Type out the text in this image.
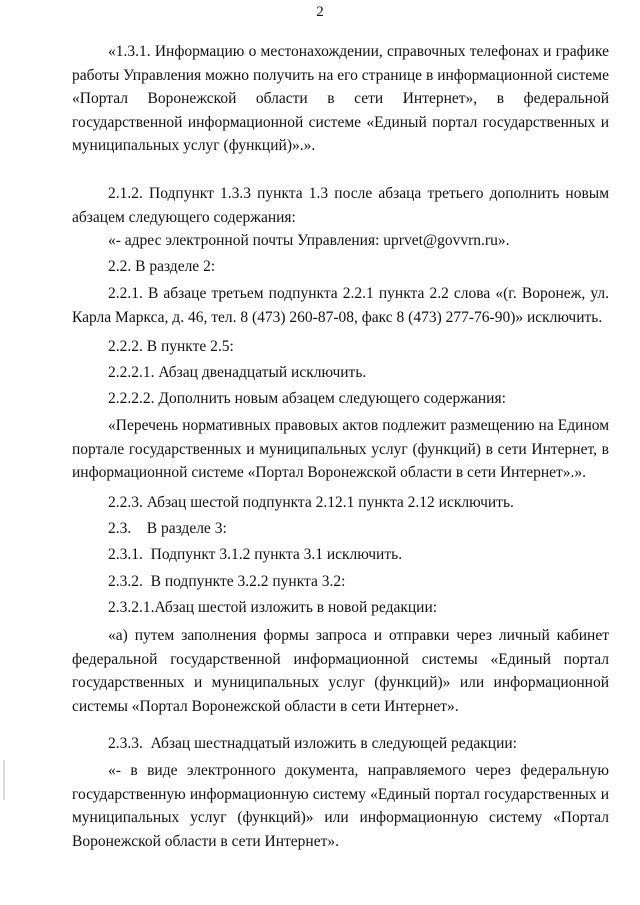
2

«1.3.1. Информацию о местонахождении, справочных телефонах и графике работы Управления можно получить на его странице в информационной системе «Портал Воронежской области в сети Интернет», в федеральной государственной информационной системе «Единый портал государственных и муниципальных услуг (функций)».».

2.1.2. Подпункт 1.3.3 пункта 1.3 после абзаца третьего дополнить новым абзацем следующего содержания:

«- адрес электронной почты Управления: uprvet@govvrn.ru».

2.2. В разделе 2:

2.2.1. В абзаце третьем подпункта 2.2.1 пункта 2.2 слова «(г. Воронеж, ул. Карла Маркса, д. 46, тел. 8 (473) 260-87-08, факс 8 (473) 277-76-90)» исключить.

2.2.2. В пункте 2.5:

2.2.2.1. Абзац двенадцатый исключить.

2.2.2.2. Дополнить новым абзацем следующего содержания:

«Перечень нормативных правовых актов подлежит размещению на Едином портале государственных и муниципальных услуг (функций) в сети Интернет, в информационной системе «Портал Воронежской области в сети Интернет».».

2.2.3. Абзац шестой подпункта 2.12.1 пункта 2.12 исключить.

2.3.    В разделе 3:

2.3.1.  Подпункт 3.1.2 пункта 3.1 исключить.

2.3.2.  В подпункте 3.2.2 пункта 3.2:

2.3.2.1.Абзац шестой изложить в новой редакции:

«а) путем заполнения формы запроса и отправки через личный кабинет федеральной государственной информационной системы «Единый портал государственных и муниципальных услуг (функций)» или информационной системы «Портал Воронежской области в сети Интернет».

2.3.3.  Абзац шестнадцатый изложить в следующей редакции:

«- в виде электронного документа, направляемого через федеральную государственную информационную систему «Единый портал государственных и муниципальных услуг (функций)» или информационную систему «Портал Воронежской области в сети Интернет».
